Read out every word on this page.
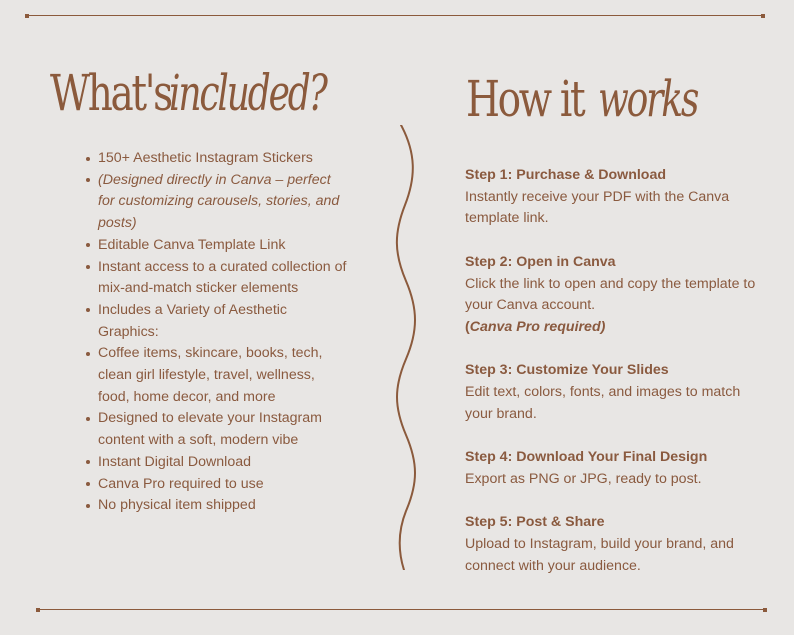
What'sincluded?	How it works
150+ Aesthetic Instagram Stickers
(Designed directly in Canva – perfect for customizing carousels, stories, and posts)
Editable Canva Template Link
Instant access to a curated collection of mix-and-match sticker elements
Includes a Variety of Aesthetic Graphics:
Coffee items, skincare, books, tech, clean girl lifestyle, travel, wellness, food, home decor, and more
Designed to elevate your Instagram content with a soft, modern vibe
Instant Digital Download
Canva Pro required to use
No physical item shipped
Step 1: Purchase & Download
Instantly receive your PDF with the Canva template link.
Step 2: Open in Canva
Click the link to open and copy the template to your Canva account.
(Canva Pro required)
Step 3: Customize Your Slides
Edit text, colors, fonts, and images to match your brand.
Step 4: Download Your Final Design
Export as PNG or JPG, ready to post.
Step 5: Post & Share
Upload to Instagram, build your brand, and connect with your audience.
